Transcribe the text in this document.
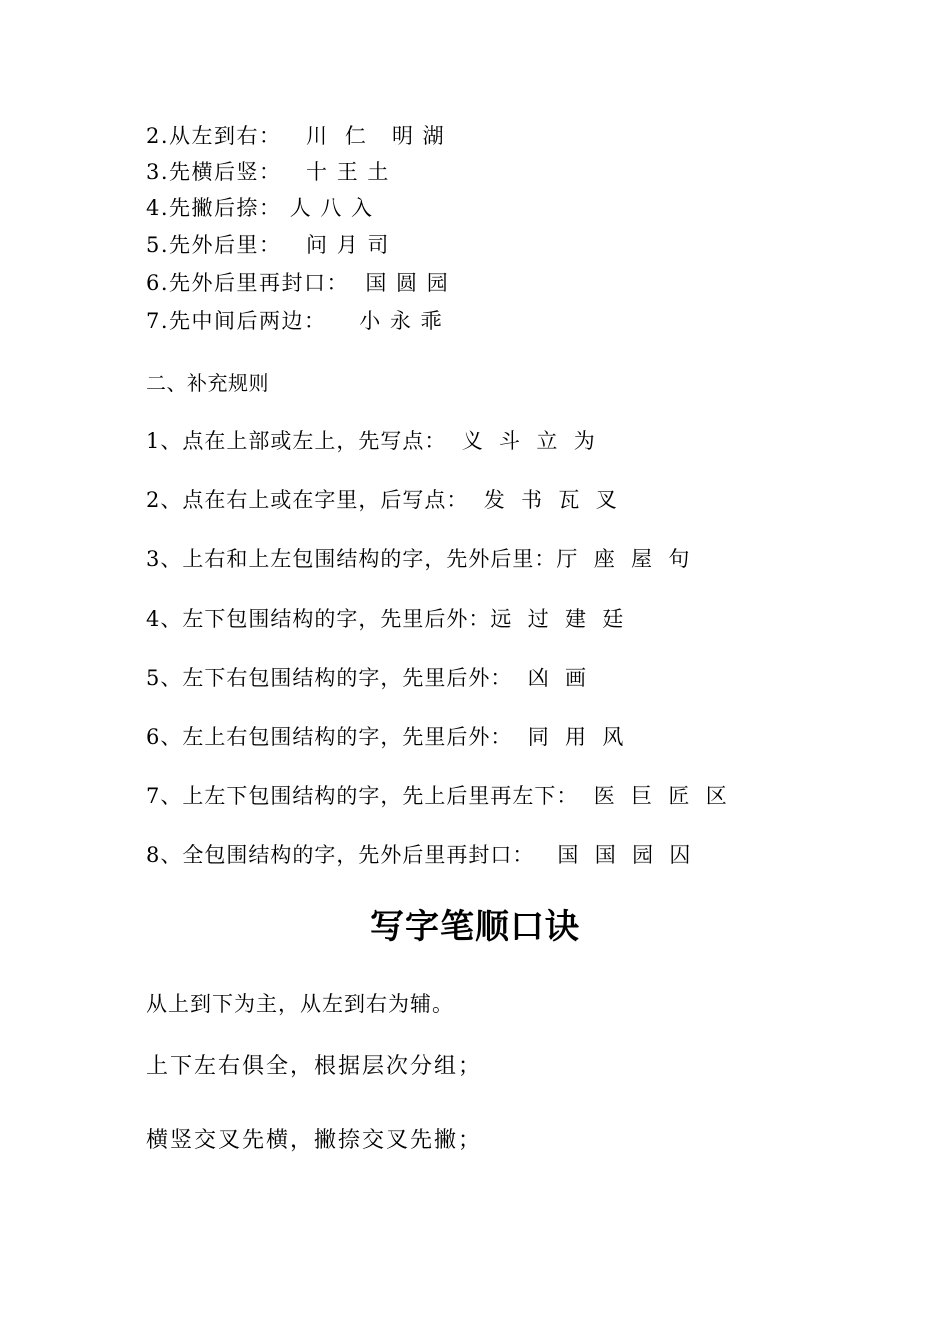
2.从左到右：   川  仁   明 湖
3.先横后竖：   十 王 土
4.先撇后捺： 人 八 入
5.先外后里：   问 月 司
6.先外后里再封口：  国 圆 园
7.先中间后两边：    小 永 乖
二、补充规则
1、点在上部或左上，先写点：  义  斗  立  为
2、点在右上或在字里，后写点：  发  书  瓦  叉
3、上右和上左包围结构的字，先外后里：厅  座  屋  句
4、左下包围结构的字，先里后外：远  过  建  廷
5、左下右包围结构的字，先里后外：  凶  画
6、左上右包围结构的字，先里后外：  同  用  风
7、上左下包围结构的字，先上后里再左下：  医  巨  匠  区
8、全包围结构的字，先外后里再封口：   国  国  园  囚
写字笔顺口诀
从上到下为主，从左到右为辅。
上下左右俱全，根据层次分组；
横竖交叉先横，撇捺交叉先撇；
